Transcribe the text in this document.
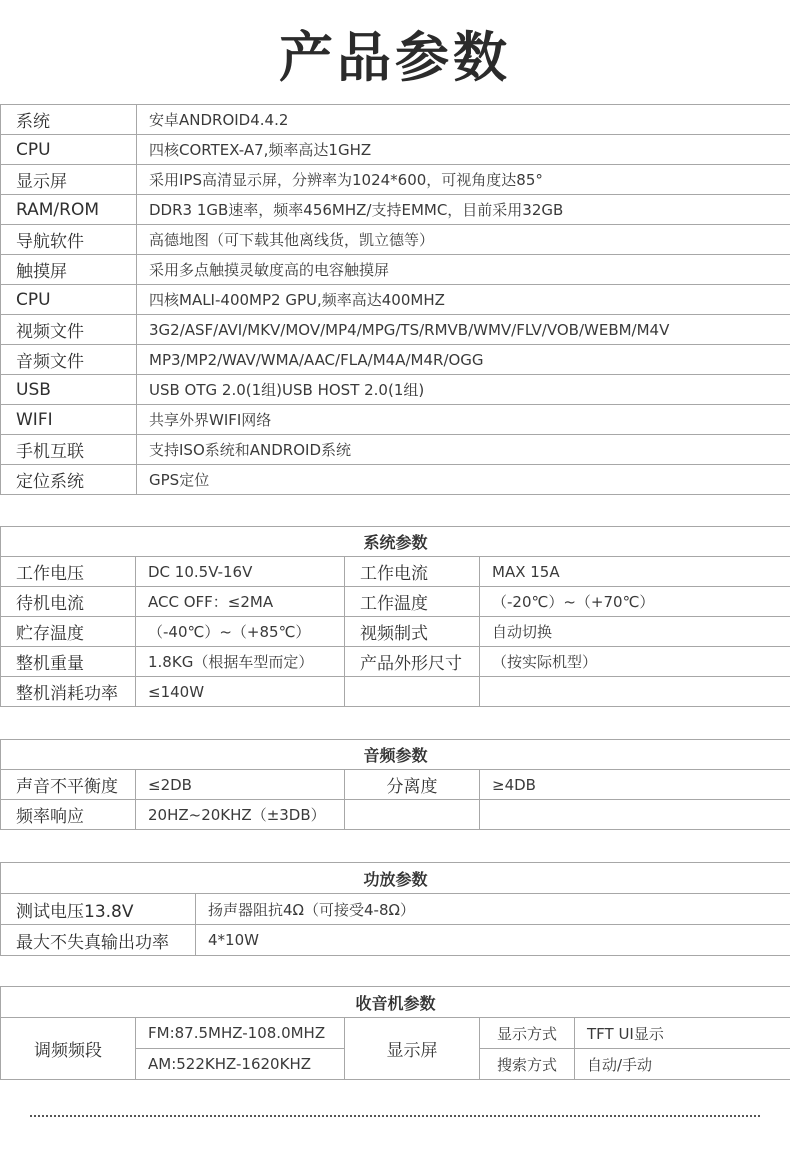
产品参数
系统	安卓ANDROID4.4.2
CPU	四核CORTEX-A7,频率高达1GHZ
显示屏	采用IPS高清显示屏，分辨率为1024*600，可视角度达85°
RAM/ROM	DDR3 1GB速率，频率456MHZ/支持EMMC，目前采用32GB
导航软件	高德地图（可下载其他离线货，凯立德等）
触摸屏	采用多点触摸灵敏度高的电容触摸屏
CPU	四核MALI-400MP2 GPU,频率高达400MHZ
视频文件	3G2/ASF/AVI/MKV/MOV/MP4/MPG/TS/RMVB/WMV/FLV/VOB/WEBM/M4V
音频文件	MP3/MP2/WAV/WMA/AAC/FLA/M4A/M4R/OGG
USB	USB OTG 2.0(1组)USB HOST 2.0(1组)
WIFI	共享外界WIFI网络
手机互联	支持ISO系统和ANDROID系统
定位系统	GPS定位
系统参数			
工作电压	DC 10.5V-16V	工作电流	MAX 15A
待机电流	ACC OFF：≤2MA	工作温度	（-20℃）~（+70℃）
贮存温度	（-40℃）~（+85℃）	视频制式	自动切换
整机重量	1.8KG（根据车型而定）	产品外形尺寸	（按实际机型）
整机消耗功率	≤140W		
音频参数			
声音不平衡度	≤2DB	分离度	≥4DB
频率响应	20HZ~20KHZ（±3DB）		
功放参数	
测试电压13.8V	扬声器阻抗4Ω（可接受4-8Ω）
最大不失真输出功率	4*10W
收音机参数				
调频频段	FM:87.5MHZ-108.0MHZ	显示屏	显示方式	TFT UI显示
	AM:522KHZ-1620KHZ		搜索方式	自动/手动
